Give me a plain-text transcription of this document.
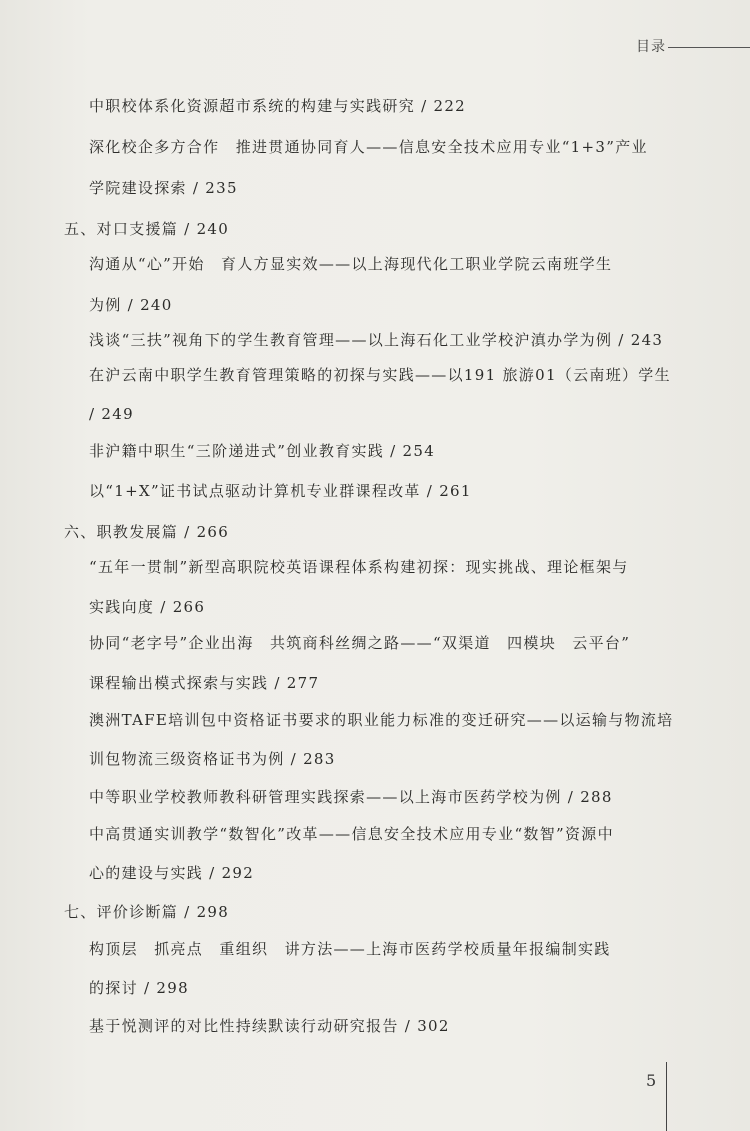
目录
中职校体系化资源超市系统的构建与实践研究 / 222
深化校企多方合作　推进贯通协同育人——信息安全技术应用专业“1+3”产业
学院建设探索 / 235
五、对口支援篇 / 240
沟通从“心”开始　育人方显实效——以上海现代化工职业学院云南班学生
为例 / 240
浅谈“三扶”视角下的学生教育管理——以上海石化工业学校沪滇办学为例 / 243
在沪云南中职学生教育管理策略的初探与实践——以191 旅游01（云南班）学生
/ 249
非沪籍中职生“三阶递进式”创业教育实践 / 254
以“1+X”证书试点驱动计算机专业群课程改革 / 261
六、职教发展篇 / 266
“五年一贯制”新型高职院校英语课程体系构建初探：现实挑战、理论框架与
实践向度 / 266
协同“老字号”企业出海　共筑商科丝绸之路——“双渠道　四模块　云平台”
课程输出模式探索与实践 / 277
澳洲TAFE培训包中资格证书要求的职业能力标准的变迁研究——以运输与物流培
训包物流三级资格证书为例 / 283
中等职业学校教师教科研管理实践探索——以上海市医药学校为例 / 288
中高贯通实训教学“数智化”改革——信息安全技术应用专业“数智”资源中
心的建设与实践 / 292
七、评价诊断篇 / 298
构顶层　抓亮点　重组织　讲方法——上海市医药学校质量年报编制实践
的探讨 / 298
基于悦测评的对比性持续默读行动研究报告 / 302
5
